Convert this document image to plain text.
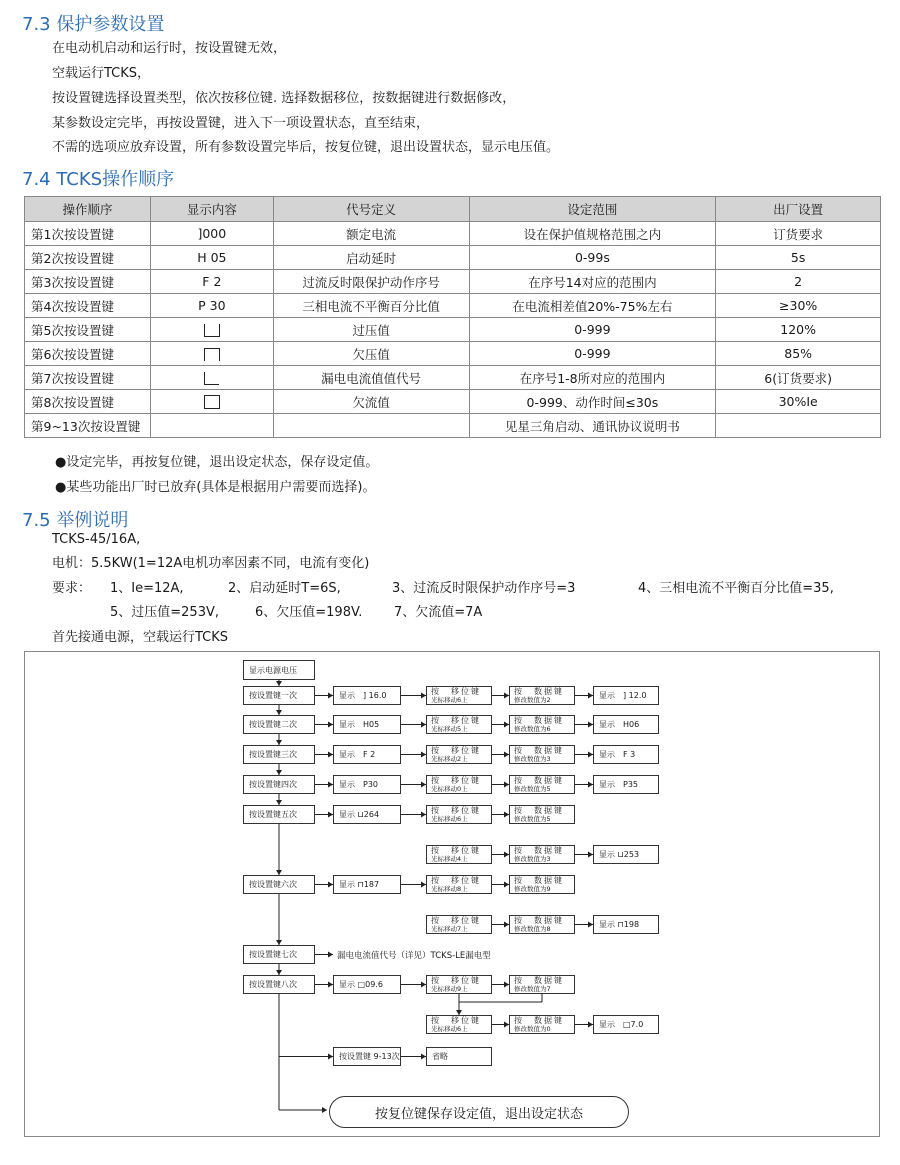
7.3 保护参数设置
在电动机启动和运行时，按设置键无效，
空载运行TCKS，
按设置键选择设置类型，依次按移位键. 选择数据移位，按数据键进行数据修改，
某参数设定完毕，再按设置键，进入下一项设置状态，直至结束，
不需的选项应放弃设置，所有参数设置完毕后，按复位键，退出设置状态，显示电压值。
7.4 TCKS操作顺序
操作顺序	显示内容	代号定义	设定范围	出厂设置
第1次按设置键	]000	额定电流	设在保护值规格范围之内	订货要求
第2次按设置键	H 05	启动延时	0-99s	5s
第3次按设置键	F 2	过流反时限保护动作序号	在序号14对应的范围内	2
第4次按设置键	P 30	三相电流不平衡百分比值	在电流相差值20%-75%左右	≥30%
第5次按设置键		过压值	0-999	120%
第6次按设置键		欠压值	0-999	85%
第7次按设置键		漏电电流值值代号	在序号1-8所对应的范围内	6(订货要求)
第8次按设置键		欠流值	0-999、动作时间≤30s	30%Ie
第9~13次按设置键			见星三角启动、通讯协议说明书	
●设定完毕，再按复位键，退出设定状态，保存设定值。
●某些功能出厂时已放弃(具体是根据用户需要而选择)。
7.5 举例说明
TCKS-45/16A,
电机：5.5KW(1=12A电机功率因素不同，电流有变化)
要求： 1、Ie=12A,	2、启动延时T=6S,	3、过流反时限保护动作序号=3	4、三相电流不平衡百分比值=35,
5、过压值=253V,	6、欠压值=198V. 7、欠流值=7A
首先接通电源，空载运行TCKS
显示电源电压
按复位键保存设定值，退出设定状态
按设置键一次	显示　] 16.0	按　移位键
光标移动6上
按　数据键
修改数值为2	显示　] 12.0
按设置键二次	显示　H05	按　移位键
光标移动5上
按　数据键
修改数值为6	显示　H06
按设置键三次	显示　F 2	按　移位键
光标移动2上
按　数据键
修改数值为3	显示　F 3
按设置键四次	显示　P30	按　移位键
光标移动0上
按　数据键
修改数值为5	显示　P35
按设置键五次	显示 ⊔264	按　移位键
光标移动6上
按　数据键
修改数值为5
按　移位键
光标移动4上
按　数据键
修改数值为3	显示 ⊔253
按设置键六次	显示 ⊓187	按　移位键
光标移动8上
按　数据键
修改数值为9
按　移位键
光标移动7上
按　数据键
修改数值为8	显示 ⊓198
按设置键七次	漏电电流值代号（详见）TCKS-LE漏电型
按设置键八次	显示 □09.6	按　移位键
光标移动9上
按　数据键
修改数值为7
按　移位键
光标移动6上
按　数据键
修改数值为0	显示　□7.0
按设置键 9-13次	省略
